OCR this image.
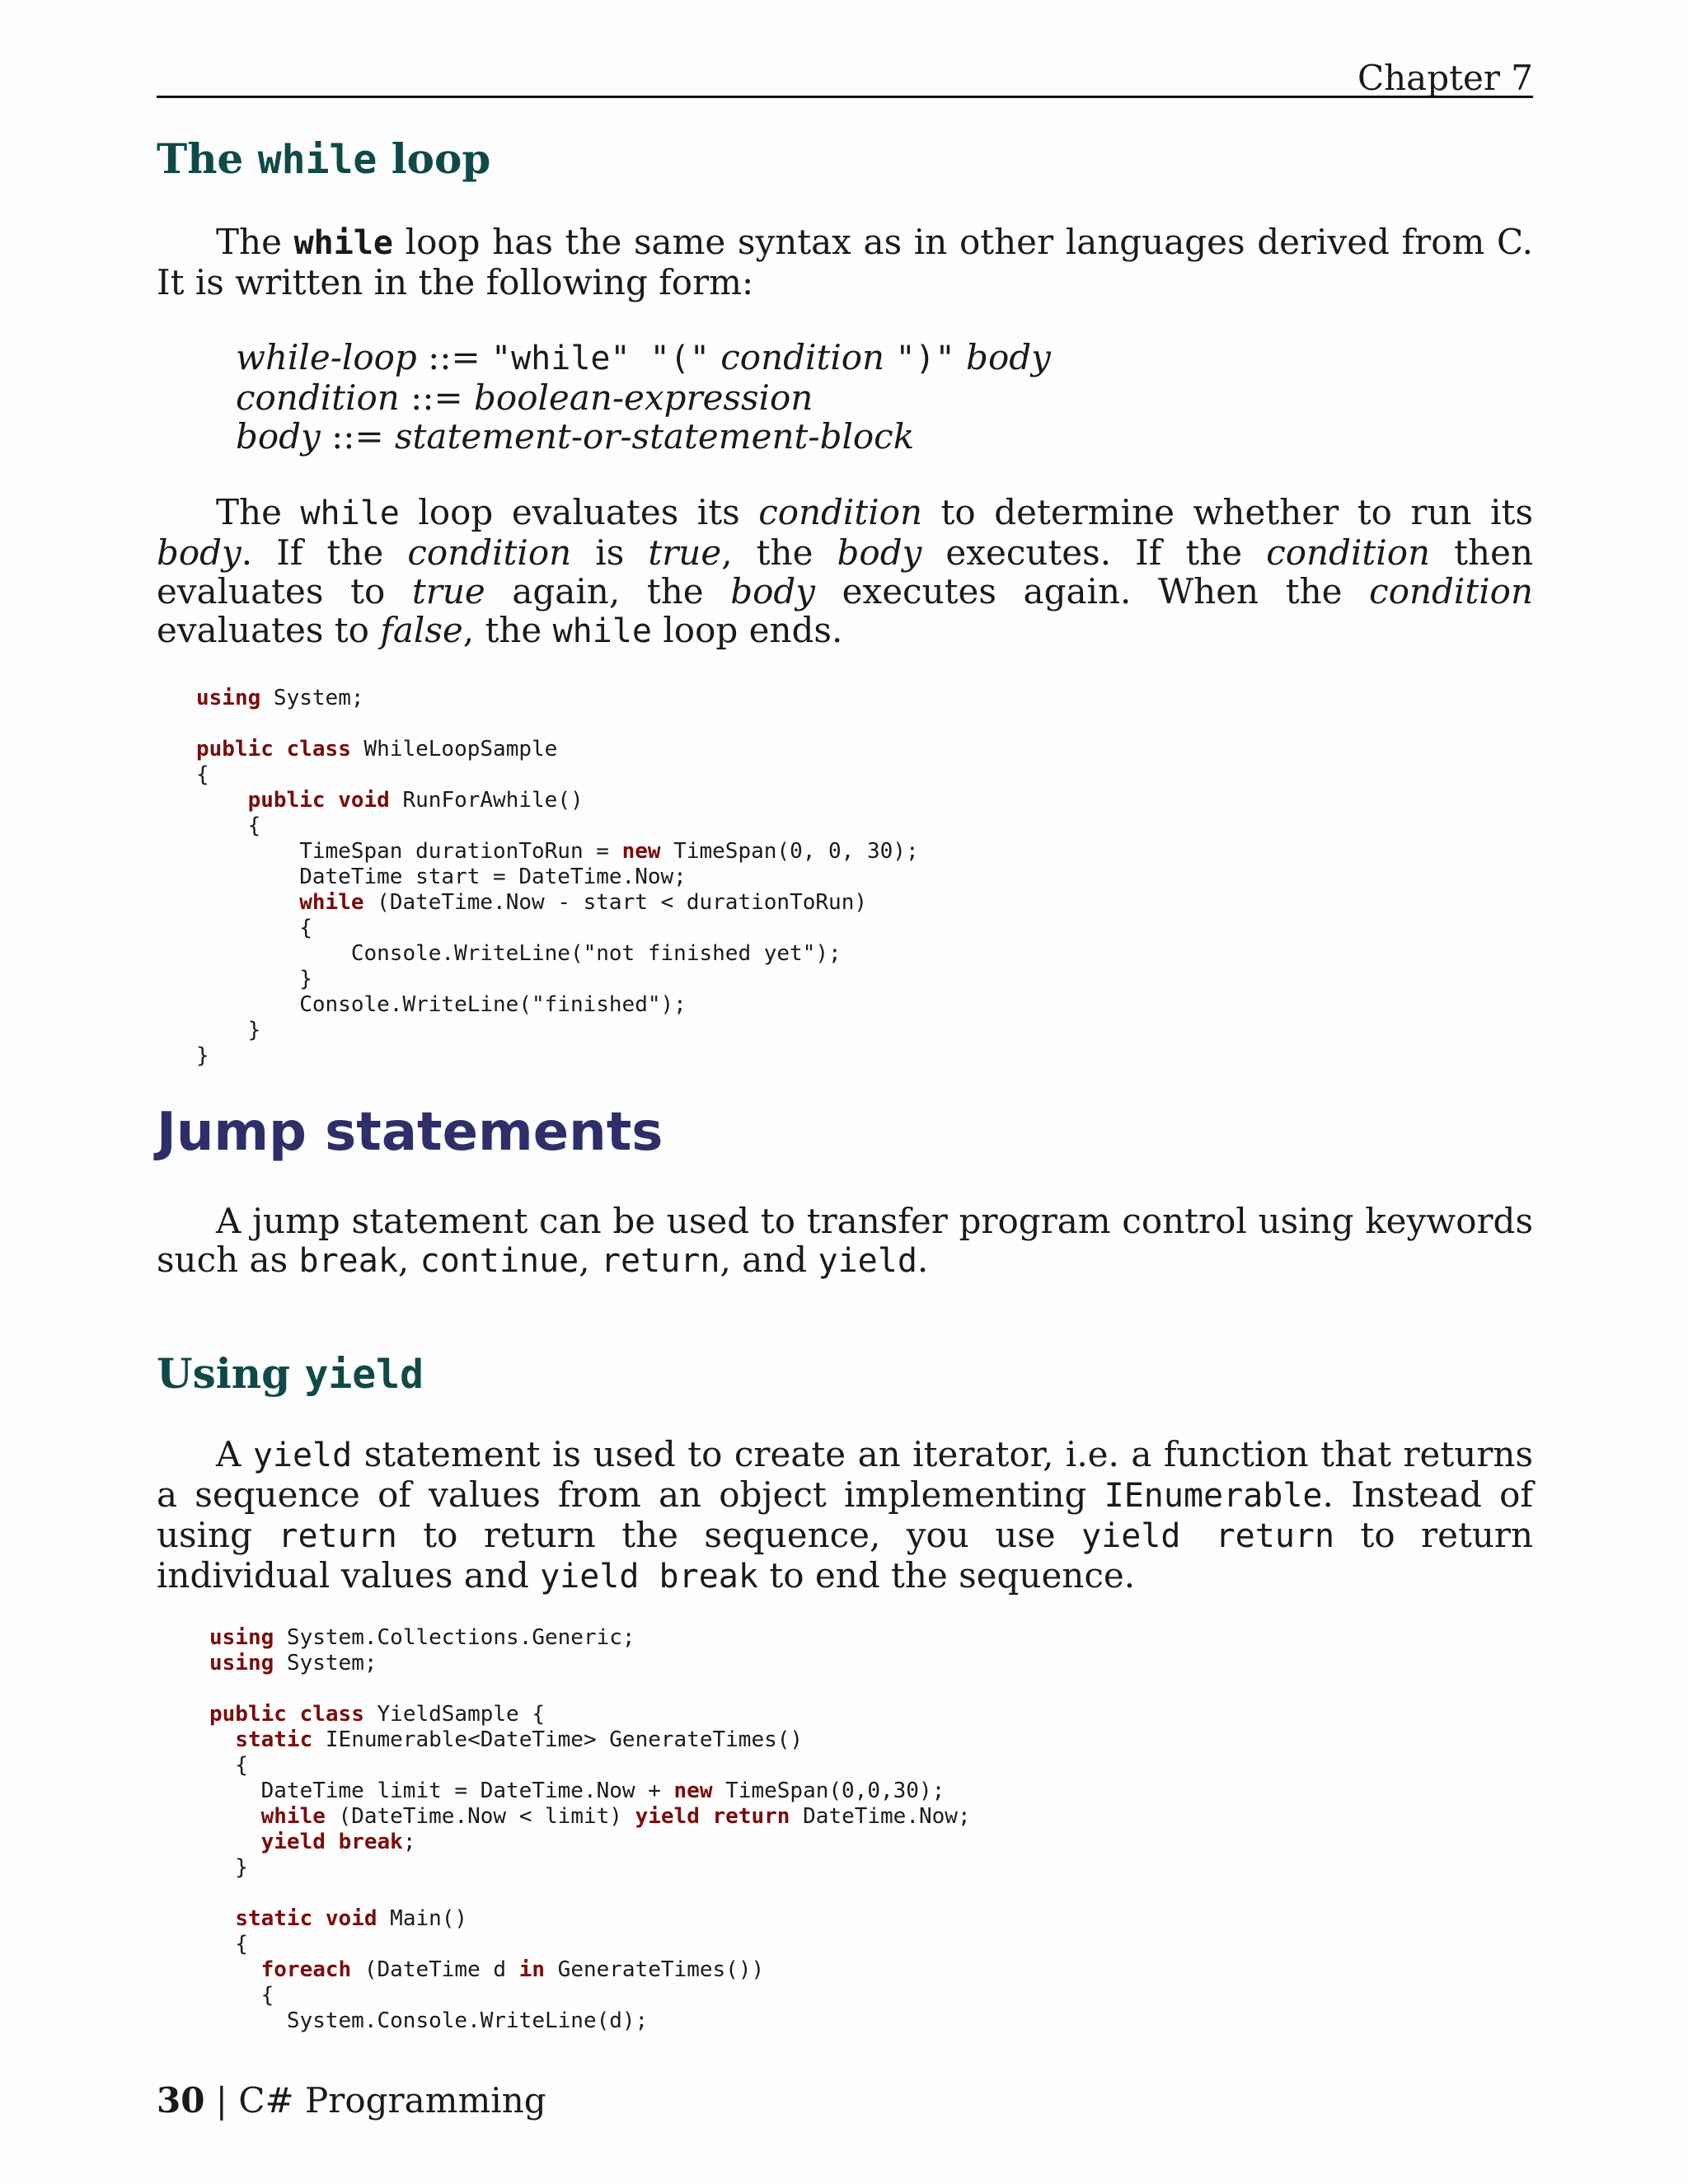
Chapter 7
The while loop
The while loop has the same syntax as in other languages derived from C. It is written in the following form:
while-loop ::= "while" "(" condition ")" body
condition ::= boolean-expression
body ::= statement-or-statement-block
The while loop evaluates its condition to determine whether to run its body. If the condition is true, the body executes. If the condition then evaluates to true again, the body executes again. When the condition evaluates to false, the while loop ends.
using System;

public class WhileLoopSample
{
public void RunForAwhile()
{
TimeSpan durationToRun = new TimeSpan(0, 0, 30);
DateTime start = DateTime.Now;
while (DateTime.Now - start < durationToRun)
{
Console.WriteLine("not finished yet");
}
Console.WriteLine("finished");
}
}
Jump statements
A jump statement can be used to transfer program control using keywords such as break, continue, return, and yield.
Using yield
A yield statement is used to create an iterator, i.e. a function that returns a sequence of values from an object implementing IEnumerable. Instead of using return to return the sequence, you use yield return to return individual values and yield break to end the sequence.
using System.Collections.Generic;
using System;

public class YieldSample {
static IEnumerable<DateTime> GenerateTimes()
{
DateTime limit = DateTime.Now + new TimeSpan(0,0,30);
while (DateTime.Now < limit) yield return DateTime.Now;
yield break;
}

static void Main()
{
foreach (DateTime d in GenerateTimes())
{
System.Console.WriteLine(d);
30 | C# Programming
